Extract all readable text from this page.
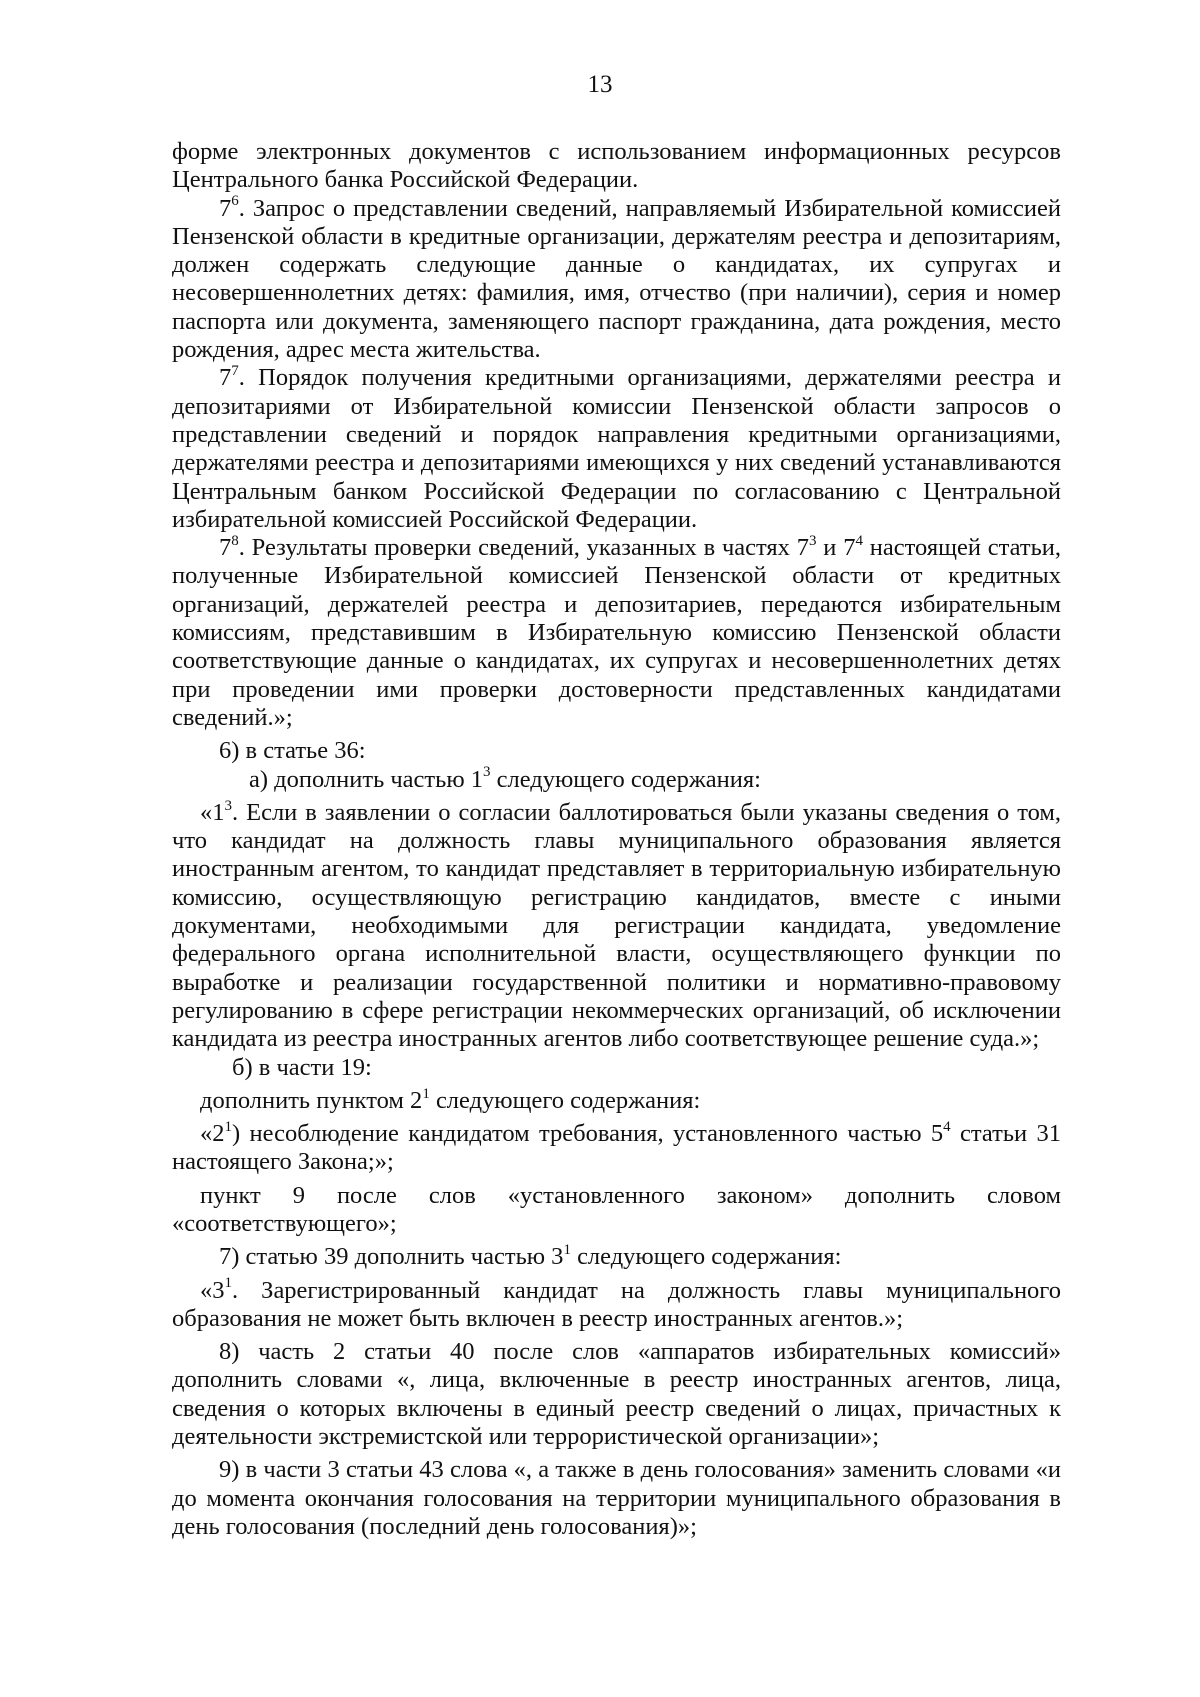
13

форме электронных документов с использованием информационных ресурсов Центрального банка Российской Федерации.

$7^6$. Запрос о представлении сведений, направляемый Избирательной комиссией Пензенской области в кредитные организации, держателям реестра и депозитариям, должен содержать следующие данные о кандидатах, их супругах и несовершеннолетних детях: фамилия, имя, отчество (при наличии), серия и номер паспорта или документа, заменяющего паспорт гражданина, дата рождения, место рождения, адрес места жительства.

$7^7$. Порядок получения кредитными организациями, держателями реестра и депозитариями от Избирательной комиссии Пензенской области запросов о представлении сведений и порядок направления кредитными организациями, держателями реестра и депозитариями имеющихся у них сведений устанавливаются Центральным банком Российской Федерации по согласованию с Центральной избирательной комиссией Российской Федерации.

$7^8$. Результаты проверки сведений, указанных в частях $7^3$ и $7^4$ настоящей статьи, полученные Избирательной комиссией Пензенской области от кредитных организаций, держателей реестра и депозитариев, передаются избирательным комиссиям, представившим в Избирательную комиссию Пензенской области соответствующие данные о кандидатах, их супругах и несовершеннолетних детях при проведении ими проверки достоверности представленных кандидатами сведений.»;

6) в статье 36:

а) дополнить частью $1^3$ следующего содержания:

«$1^3$. Если в заявлении о согласии баллотироваться были указаны сведения о том, что кандидат на должность главы муниципального образования является иностранным агентом, то кандидат представляет в территориальную избирательную комиссию, осуществляющую регистрацию кандидатов, вместе с иными документами, необходимыми для регистрации кандидата, уведомление федерального органа исполнительной власти, осуществляющего функции по выработке и реализации государственной политики и нормативно-правовому регулированию в сфере регистрации некоммерческих организаций, об исключении кандидата из реестра иностранных агентов либо соответствующее решение суда.»;

б) в части 19:

дополнить пунктом $2^1$ следующего содержания:

«$2^1$) несоблюдение кандидатом требования, установленного частью $5^4$ статьи 31 настоящего Закона;»;

пункт 9 после слов «установленного законом» дополнить словом «соответствующего»;

7) статью 39 дополнить частью $3^1$ следующего содержания:

«$3^1$. Зарегистрированный кандидат на должность главы муниципального образования не может быть включен в реестр иностранных агентов.»;

8) часть 2 статьи 40 после слов «аппаратов избирательных комиссий» дополнить словами «, лица, включенные в реестр иностранных агентов, лица, сведения о которых включены в единый реестр сведений о лицах, причастных к деятельности экстремистской или террористической организации»;

9) в части 3 статьи 43 слова «, а также в день голосования» заменить словами «и до момента окончания голосования на территории муниципального образования в день голосования (последний день голосования)»;
